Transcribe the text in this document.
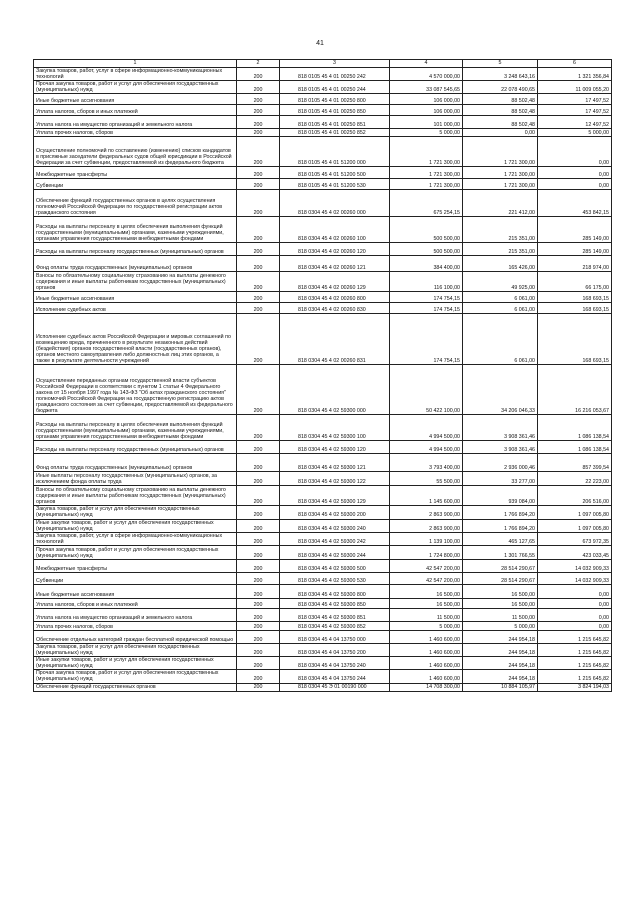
41
1	2	3	4	5	6
Закупка товаров, работ, услуг в сфере информационно-коммуникационных технологий	200	818 0105 45 4 01 00250 242	4 570 000,00	3 248 643,16	1 321 356,84
Прочая закупка товаров, работ и услуг для обеспечения государственных (муниципальных) нужд	200	818 0105 45 4 01 00250 244	33 087 545,65	22 078 490,65	11 009 055,20
Иные бюджетные ассигнования	200	818 0105 45 4 01 00250 800	106 000,00	88 502,48	17 497,52
Уплата налогов, сборов и иных платежей	200	818 0105 45 4 01 00250 850	106 000,00	88 502,48	17 497,52
Уплата налога на имущество организаций и земельного налога	200	818 0105 45 4 01 00250 851	101 000,00	88 502,48	12 497,52
Уплата прочих налогов, сборов	200	818 0105 45 4 01 00250 852	5 000,00	0,00	5 000,00
Осуществление полномочий по составлению (изменению) списков кандидатов в присяжные заседатели федеральных судов общей юрисдикции в Российской Федерации за счет субвенции, предоставляемой из федерального бюджета	200	818 0105 45 4 01 51200 000	1 721 300,00	1 721 300,00	0,00
Межбюджетные трансферты	200	818 0105 45 4 01 51200 500	1 721 300,00	1 721 300,00	0,00
Субвенции	200	818 0105 45 4 01 51200 530	1 721 300,00	1 721 300,00	0,00
Обеспечение функций государственных органов в целях осуществления полномочий Российской Федерации по государственной регистрации актов гражданского состояния	200	818 0304 45 4 02 00260 000	675 254,15	221 412,00	453 842,15
Расходы на выплаты персоналу в целях обеспечения выполнения функций государственными (муниципальными) органами, казенными учреждениями, органами управления государственными внебюджетными фондами	200	818 0304 45 4 02 00260 100	500 500,00	215 351,00	285 149,00
Расходы на выплаты персоналу государственных (муниципальных) органов	200	818 0304 45 4 02 00260 120	500 500,00	215 351,00	285 149,00
Фонд оплаты труда государственных (муниципальных) органов	200	818 0304 45 4 02 00260 121	384 400,00	165 426,00	218 974,00
Взносы по обязательному социальному страхованию на выплаты денежного содержания и иные выплаты работникам государственных (муниципальных) органов	200	818 0304 45 4 02 00260 129	116 100,00	49 925,00	66 175,00
Иные бюджетные ассигнования	200	818 0304 45 4 02 00260 800	174 754,15	6 061,00	168 693,15
Исполнение судебных актов	200	818 0304 45 4 02 00260 830	174 754,15	6 061,00	168 693,15
Исполнение судебных актов Российской Федерации и мировых соглашений по возмещению вреда, причиненного в результате незаконных действий (бездействия) органов государственной власти (государственных органов), органов местного самоуправления либо должностных лиц этих органов, а также в результате деятельности учреждений	200	818 0304 45 4 02 00260 831	174 754,15	6 061,00	168 693,15
Осуществление переданных органам государственной власти субъектов Российской Федерации в соответствии с пунктом 1 статьи 4 Федерального закона от 15 ноября 1997 года № 143-ФЗ "Об актах гражданского состояния" полномочий Российской Федерации на государственную регистрацию актов гражданского состояния за счет субвенции, предоставляемой из федерального бюджета	200	818 0304 45 4 02 59300 000	50 422 100,00	34 206 046,33	16 216 053,67
Расходы на выплаты персоналу в целях обеспечения выполнения функций государственными (муниципальными) органами, казенными учреждениями, органами управления государственными внебюджетными фондами	200	818 0304 45 4 02 59300 100	4 994 500,00	3 908 361,46	1 086 138,54
Расходы на выплаты персоналу государственных (муниципальных) органов	200	818 0304 45 4 02 59300 120	4 994 500,00	3 908 361,46	1 086 138,54
Фонд оплаты труда государственных (муниципальных) органов	200	818 0304 45 4 02 59300 121	3 793 400,00	2 936 000,46	857 399,54
Иные выплаты персоналу государственных (муниципальных) органов, за исключением фонда оплаты труда	200	818 0304 45 4 02 59300 122	55 500,00	33 277,00	22 223,00
Взносы по обязательному социальному страхованию на выплаты денежного содержания и иные выплаты работникам государственных (муниципальных) органов	200	818 0304 45 4 02 59300 129	1 145 600,00	939 084,00	206 516,00
Закупка товаров, работ и услуг для обеспечения государственных (муниципальных) нужд	200	818 0304 45 4 02 59300 200	2 863 900,00	1 766 894,20	1 097 005,80
Иные закупки товаров, работ и услуг для обеспечения государственных (муниципальных) нужд	200	818 0304 45 4 02 59300 240	2 863 900,00	1 766 894,20	1 097 005,80
Закупка товаров, работ, услуг в сфере информационно-коммуникационных технологий	200	818 0304 45 4 02 59300 242	1 139 100,00	465 127,65	673 972,35
Прочая закупка товаров, работ и услуг для обеспечения государственных (муниципальных) нужд	200	818 0304 45 4 02 59300 244	1 724 800,00	1 301 766,55	423 033,45
Межбюджетные трансферты	200	818 0304 45 4 02 59300 500	42 547 200,00	28 514 290,67	14 032 909,33
Субвенции	200	818 0304 45 4 02 59300 530	42 547 200,00	28 514 290,67	14 032 909,33
Иные бюджетные ассигнования	200	818 0304 45 4 02 59300 800	16 500,00	16 500,00	0,00
Уплата налогов, сборов и иных платежей	200	818 0304 45 4 02 59300 850	16 500,00	16 500,00	0,00
Уплата налога на имущество организаций и земельного налога	200	818 0304 45 4 02 59300 851	11 500,00	11 500,00	0,00
Уплата прочих налогов, сборов	200	818 0304 45 4 02 59300 852	5 000,00	5 000,00	0,00
Обеспечение отдельных категорий граждан бесплатной юридической помощью	200	818 0304 45 4 04 13750 000	1 460 600,00	244 954,18	1 215 645,82
Закупка товаров, работ и услуг для обеспечения государственных (муниципальных) нужд	200	818 0304 45 4 04 13750 200	1 460 600,00	244 954,18	1 215 645,82
Иные закупки товаров, работ и услуг для обеспечения государственных (муниципальных) нужд	200	818 0304 45 4 04 13750 240	1 460 600,00	244 954,18	1 215 645,82
Прочая закупка товаров, работ и услуг для обеспечения государственных (муниципальных) нужд	200	818 0304 45 4 04 13750 244	1 460 600,00	244 954,18	1 215 645,82
Обеспечение функций государственных органов	200	818 0304 45 Э 01 00190 000	14 708 300,00	10 884 105,97	3 824 194,03
